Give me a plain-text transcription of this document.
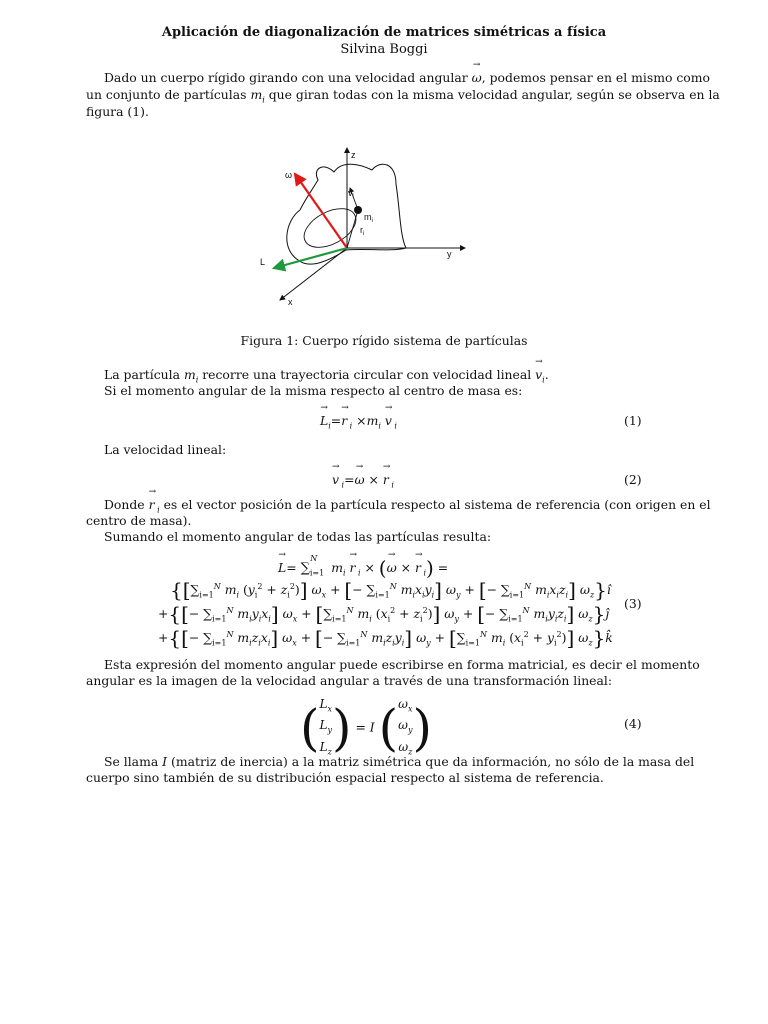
Aplicación de diagonalización de matrices simétricas a física
Silvina Boggi
Dado un cuerpo rígido girando con una velocidad angular → ω, podemos pensar en el mismo como
un conjunto de partículas $m_i$ que giran todas con la misma velocidad angular, según se observa en la
figura (1).
z
y
x
ω
L
$v_i$
$m_i$
$r_i$
Figura 1: Cuerpo rígido sistema de partículas
La partícula $m_i$ recorre una trayectoria circular con velocidad lineal → $v_i$.
Si el momento angular de la misma respecto al centro de masa es:
→ $L_i=\to r$ $_i \times m_i \to v$ $_i$	(1)
La velocidad lineal:
→ v $_i$=→ ω × → r $_i$	(2)
Donde → r $_i$ es el vector posición de la partícula respecto al sistema de referencia (con origen en el
centro de masa).
Sumando el momento angular de todas las partículas resulta:
→ $L= \sum_{i=1}^Nm_i \to r$ $_i$ × (→ ω × → r $_i$) =
{[$\sum_{i=1}^N$ $m_i$ $(y_i^2 + z_i^2)$] $\omega_x$ + [− $\sum_{i=1}^N$ $m_ix_iy_i$] $\omega_y$ + [− $\sum_{i=1}^N$ $m_ix_iz_i$] $\omega_z\}î$
+{[− $\sum_{i=1}^N$ $m_iy_ix_i$] $\omega_x + [\sum_{i=1}^N$ $m_i$ $(x_i^2 + z_i^2)$] $\omega_y$ + [− $\sum_{i=1}^N$ $m_iy_iz_i$] $\omega_z\}ĵ$
+{[− $\sum_{i=1}^N$ $m_iz_ix_i$] $\omega_x$ + [− $\sum_{i=1}^N$ $m_iz_iy_i$] $\omega_y + [\sum_{i=1}^N$ $m_i$ $(x_i^2 + y_i^2)$] $\omega_z\}k̂$
(3)
Esta expresión del momento angular puede escribirse en forma matricial, es decir el momento
angular es la imagen de la velocidad angular a través de una transformación lineal:
($L_x$
$L_y$
$L_z) = I$ ($\omega_x$
$\omega_y$
$\omega_z$)	(4)
Se llama I (matriz de inercia) a la matriz simétrica que da información, no sólo de la masa del
cuerpo sino también de su distribución espacial respecto al sistema de referencia.
